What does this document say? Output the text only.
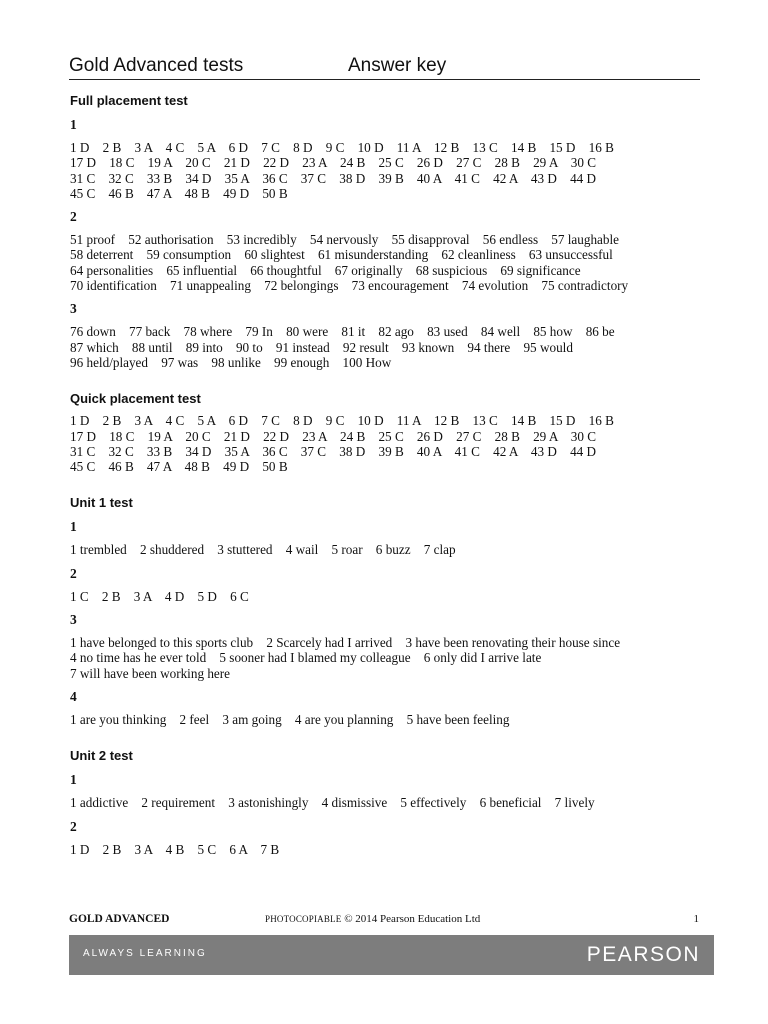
Gold Advanced tests	Answer key
Full placement test
1
1 D    2 B    3 A    4 C    5 A    6 D    7 C    8 D    9 C    10 D    11 A    12 B    13 C    14 B    15 D    16 B
17 D    18 C    19 A    20 C    21 D    22 D    23 A    24 B    25 C    26 D    27 C    28 B    29 A    30 C
31 C    32 C    33 B    34 D    35 A    36 C    37 C    38 D    39 B    40 A    41 C    42 A    43 D    44 D
45 C    46 B    47 A    48 B    49 D    50 B
2
51 proof    52 authorisation    53 incredibly    54 nervously    55 disapproval    56 endless    57 laughable
58 deterrent    59 consumption    60 slightest    61 misunderstanding    62 cleanliness    63 unsuccessful
64 personalities    65 influential    66 thoughtful    67 originally    68 suspicious    69 significance
70 identification    71 unappealing    72 belongings    73 encouragement    74 evolution    75 contradictory
3
76 down    77 back    78 where    79 In    80 were    81 it    82 ago    83 used    84 well    85 how    86 be
87 which    88 until    89 into    90 to    91 instead    92 result    93 known    94 there    95 would
96 held/played    97 was    98 unlike    99 enough    100 How
Quick placement test
1 D    2 B    3 A    4 C    5 A    6 D    7 C    8 D    9 C    10 D    11 A    12 B    13 C    14 B    15 D    16 B
17 D    18 C    19 A    20 C    21 D    22 D    23 A    24 B    25 C    26 D    27 C    28 B    29 A    30 C
31 C    32 C    33 B    34 D    35 A    36 C    37 C    38 D    39 B    40 A    41 C    42 A    43 D    44 D
45 C    46 B    47 A    48 B    49 D    50 B
Unit 1 test
1
1 trembled    2 shuddered    3 stuttered    4 wail    5 roar    6 buzz    7 clap
2
1 C    2 B    3 A    4 D    5 D    6 C
3
1 have belonged to this sports club    2 Scarcely had I arrived    3 have been renovating their house since
4 no time has he ever told    5 sooner had I blamed my colleague    6 only did I arrive late
7 will have been working here
4
1 are you thinking    2 feel    3 am going    4 are you planning    5 have been feeling
Unit 2 test
1
1 addictive    2 requirement    3 astonishingly    4 dismissive    5 effectively    6 beneficial    7 lively
2
1 D    2 B    3 A    4 B    5 C    6 A    7 B
GOLD ADVANCED	PHOTOCOPIABLE © 2014 Pearson Education Ltd	1
ALWAYS LEARNING	PEARSON
